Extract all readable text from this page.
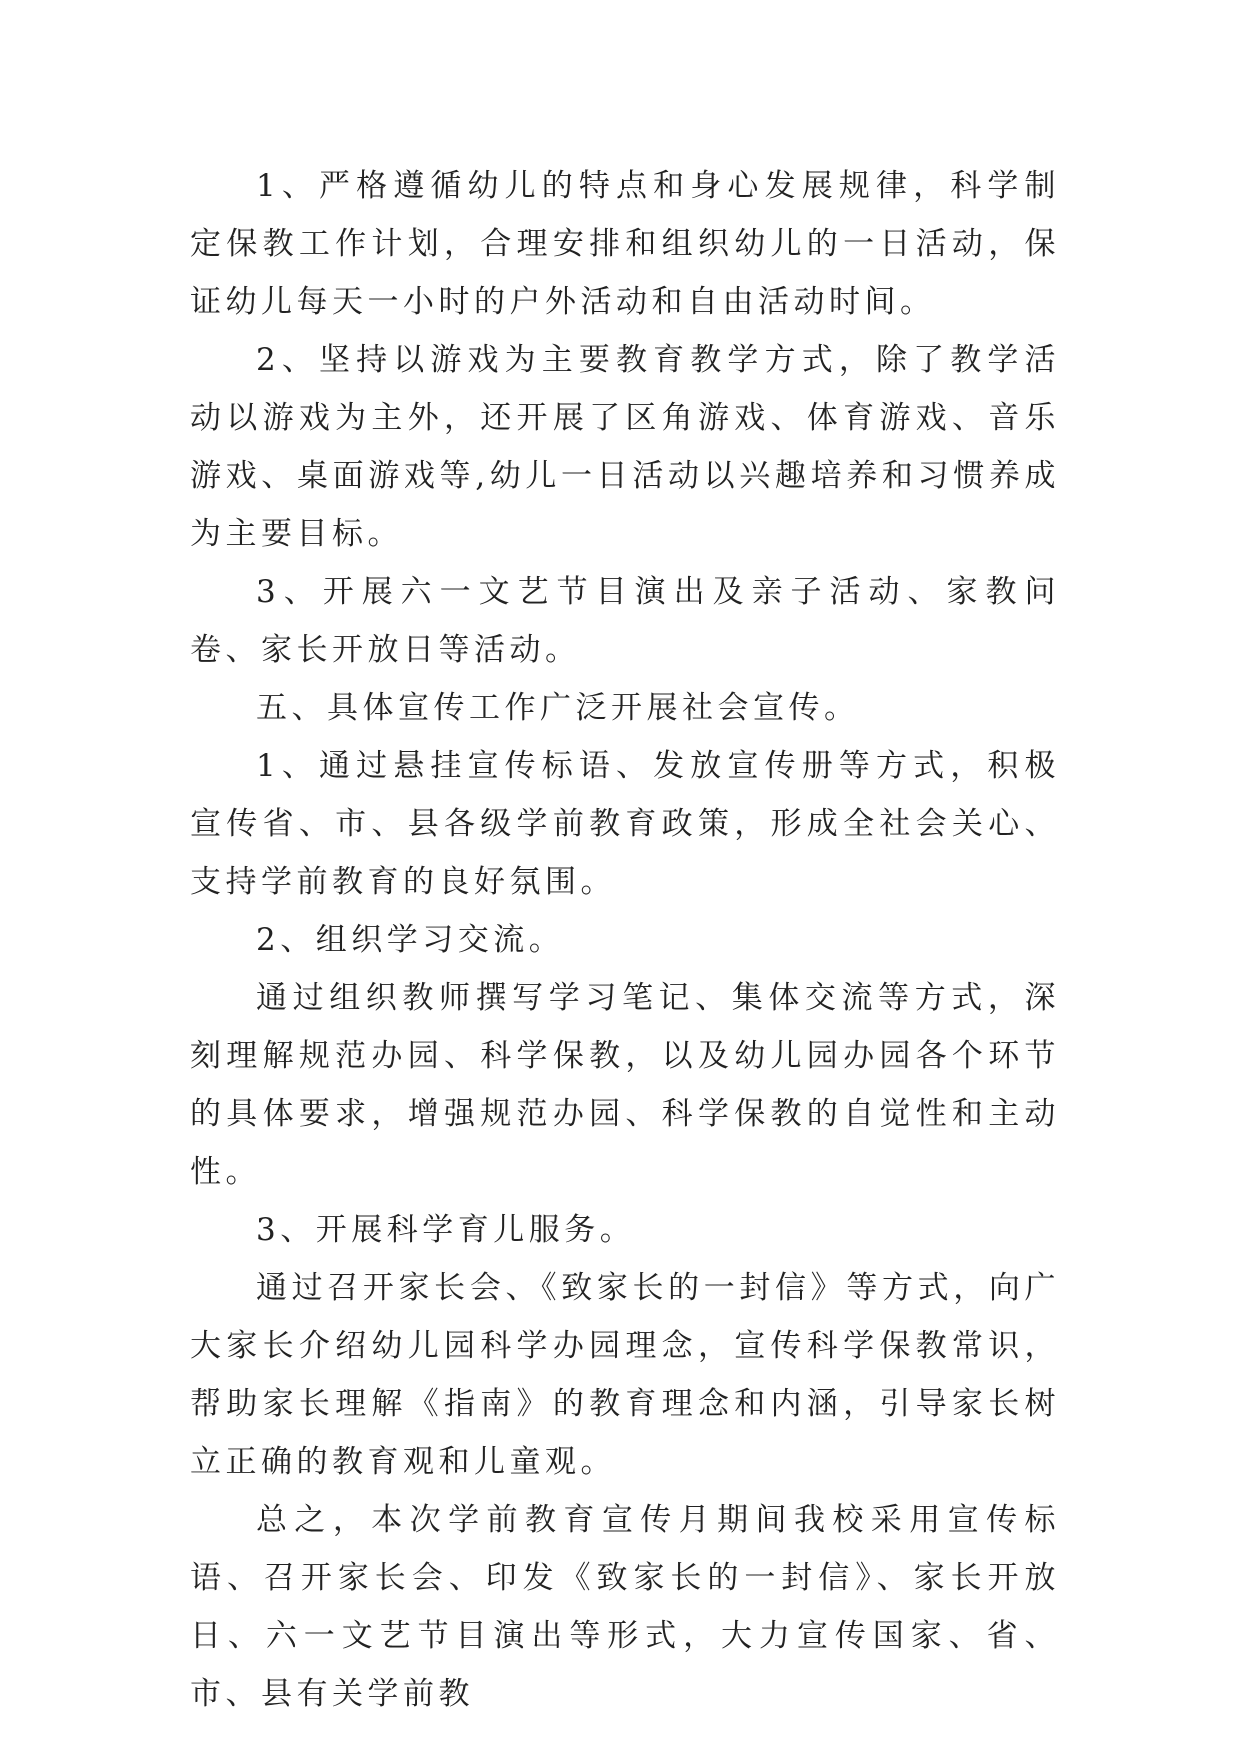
1、严格遵循幼儿的特点和身心发展规律，科学制定保教工作计划，合理安排和组织幼儿的一日活动，保证幼儿每天一小时的户外活动和自由活动时间。

2、坚持以游戏为主要教育教学方式，除了教学活动以游戏为主外，还开展了区角游戏、体育游戏、音乐游戏、桌面游戏等,幼儿一日活动以兴趣培养和习惯养成为主要目标。

3、开展六一文艺节目演出及亲子活动、家教问卷、家长开放日等活动。

五、具体宣传工作广泛开展社会宣传。

1、通过悬挂宣传标语、发放宣传册等方式，积极宣传省、市、县各级学前教育政策，形成全社会关心、支持学前教育的良好氛围。

2、组织学习交流。

通过组织教师撰写学习笔记、集体交流等方式，深刻理解规范办园、科学保教，以及幼儿园办园各个环节的具体要求，增强规范办园、科学保教的自觉性和主动性。

3、开展科学育儿服务。

通过召开家长会、《致家长的一封信》等方式，向广大家长介绍幼儿园科学办园理念，宣传科学保教常识，帮助家长理解《指南》的教育理念和内涵，引导家长树立正确的教育观和儿童观。

总之，本次学前教育宣传月期间我校采用宣传标语、召开家长会、印发《致家长的一封信》、家长开放日、六一文艺节目演出等形式，大力宣传国家、省、市、县有关学前教
